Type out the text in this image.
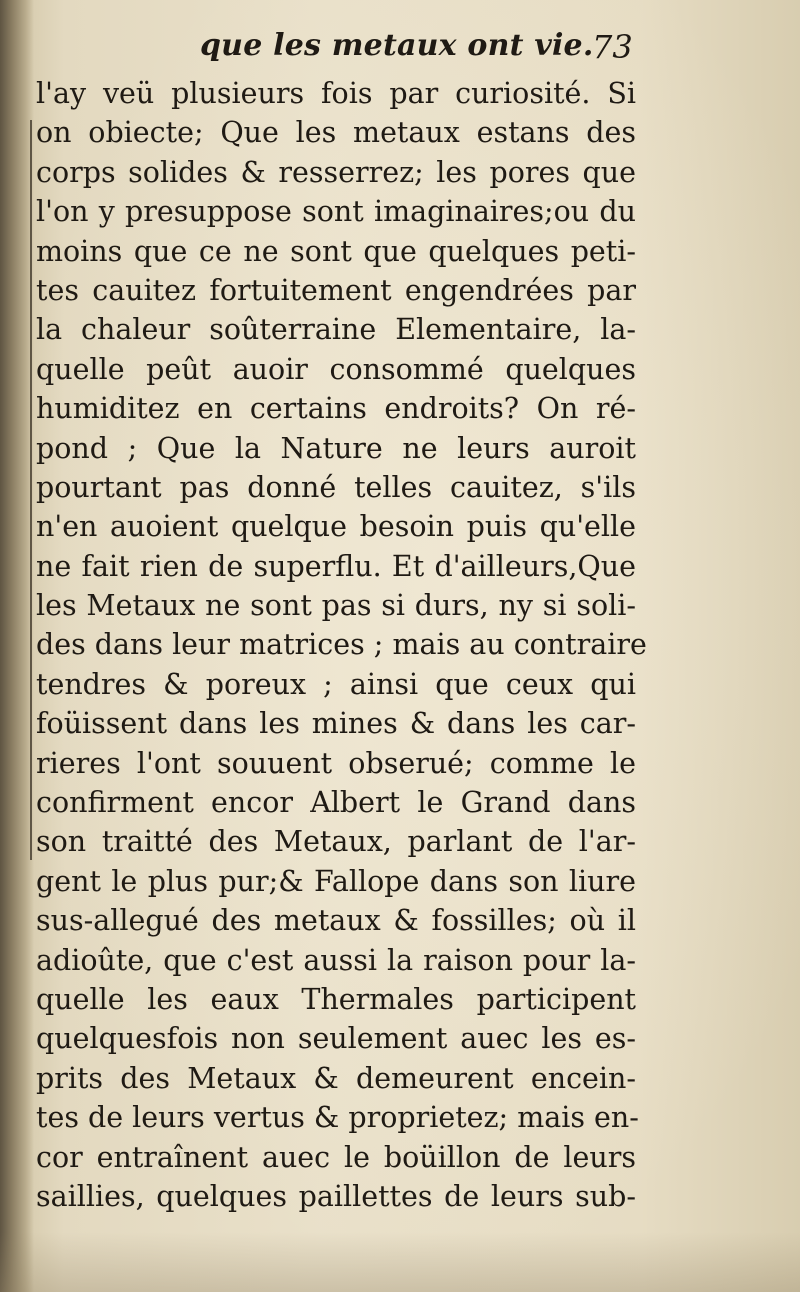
que les metaux ont vie.
73
l'ay veü plusieurs fois par curiosité. Si
on obiecte; Que les metaux estans des
corps solides & resserrez; les pores que
l'on y presuppose sont imaginaires;ou du
moins que ce ne sont que quelques peti-
tes cauitez fortuitement engendrées par
la chaleur soûterraine Elementaire, la-
quelle peût auoir consommé quelques
humiditez en certains endroits? On ré-
pond ; Que la Nature ne leurs auroit
pourtant pas donné telles cauitez, s'ils
n'en auoient quelque besoin puis qu'elle
ne fait rien de superflu. Et d'ailleurs,Que
les Metaux ne sont pas si durs, ny si soli-
des dans leur matrices ; mais au contraire
tendres & poreux ; ainsi que ceux qui
foüissent dans les mines & dans les car-
rieres l'ont souuent obserué; comme le
confirment encor Albert le Grand dans
son traitté des Metaux, parlant de l'ar-
gent le plus pur;& Fallope dans son liure
sus-allegué des metaux & fossilles; où il
adioûte, que c'est aussi la raison pour la-
quelle les eaux Thermales participent
quelquesfois non seulement auec les es-
prits des Metaux & demeurent encein-
tes de leurs vertus & proprietez; mais en-
cor entraînent auec le boüillon de leurs
saillies, quelques paillettes de leurs sub-
